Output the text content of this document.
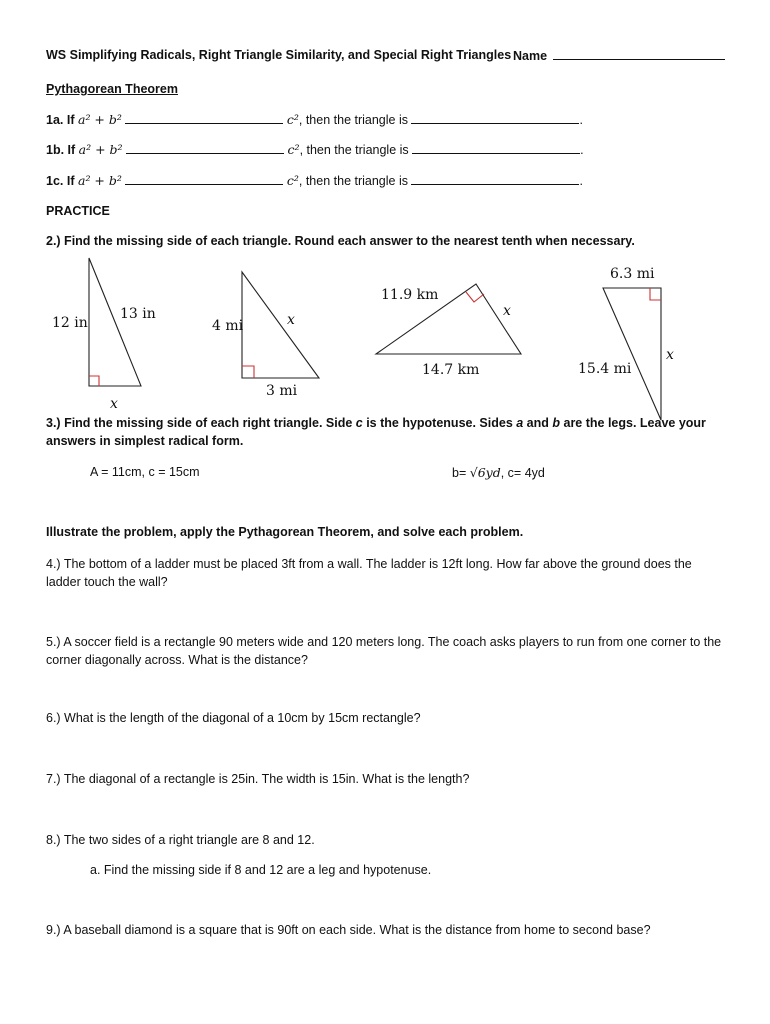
WS Simplifying Radicals, Right Triangle Similarity, and Special Right Triangles Name
Pythagorean Theorem
1a. If a² + b²	c², then the triangle is	.
1b. If a² + b²	c², then the triangle is	.
1c. If a² + b²	c², then the triangle is	.
PRACTICE
2.) Find the missing side of each triangle. Round each answer to the nearest tenth when necessary.
12 in
13 in
x
4 mi	x
3 mi
11.9 km
x
14.7 km
6.3 mi
x
15.4 mi
3.) Find the missing side of each right triangle. Side c is the hypotenuse. Sides a and b are the legs. Leave your answers in simplest radical form.
A = 11cm, c = 15cm	b= √6yd, c= 4yd
Illustrate the problem, apply the Pythagorean Theorem, and solve each problem.
4.) The bottom of a ladder must be placed 3ft from a wall. The ladder is 12ft long. How far above the ground does the ladder touch the wall?
5.) A soccer field is a rectangle 90 meters wide and 120 meters long. The coach asks players to run from one corner to the corner diagonally across. What is the distance?
6.) What is the length of the diagonal of a 10cm by 15cm rectangle?
7.) The diagonal of a rectangle is 25in. The width is 15in. What is the length?
8.) The two sides of a right triangle are 8 and 12.
a. Find the missing side if 8 and 12 are a leg and hypotenuse.
9.) A baseball diamond is a square that is 90ft on each side. What is the distance from home to second base?
